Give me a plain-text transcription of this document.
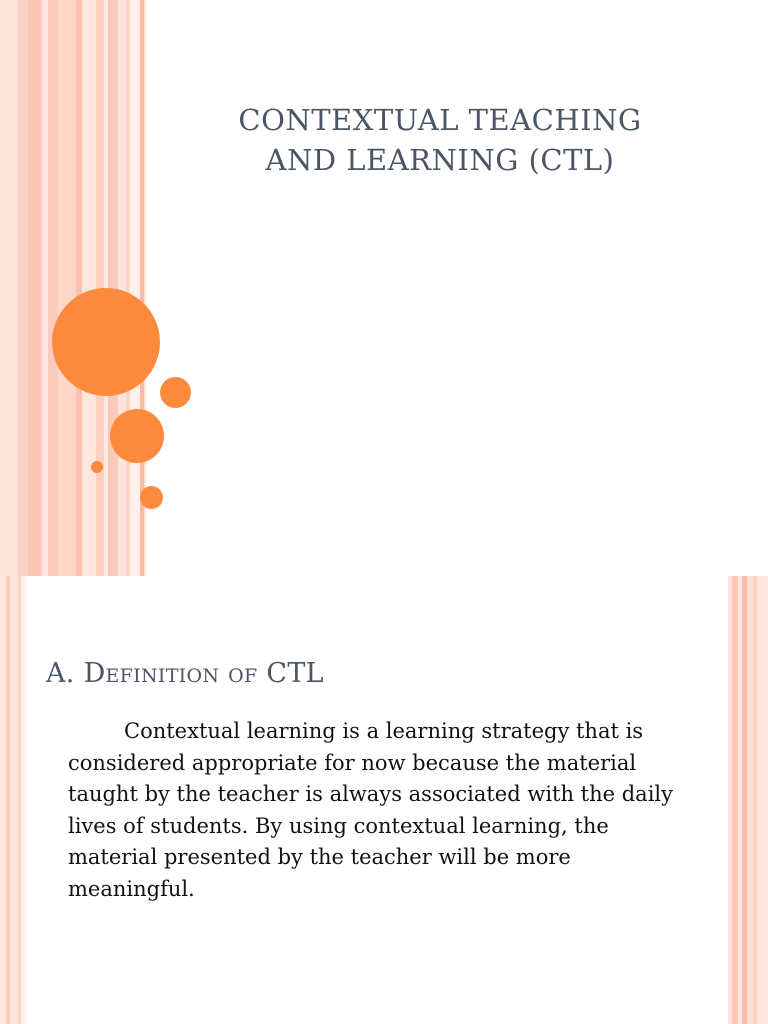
CONTEXTUAL TEACHING AND LEARNING (CTL)
A. Definition of CTL

Contextual learning is a learning strategy that is considered appropriate for now because the material taught by the teacher is always associated with the daily lives of students. By using contextual learning, the material presented by the teacher will be more meaningful.
